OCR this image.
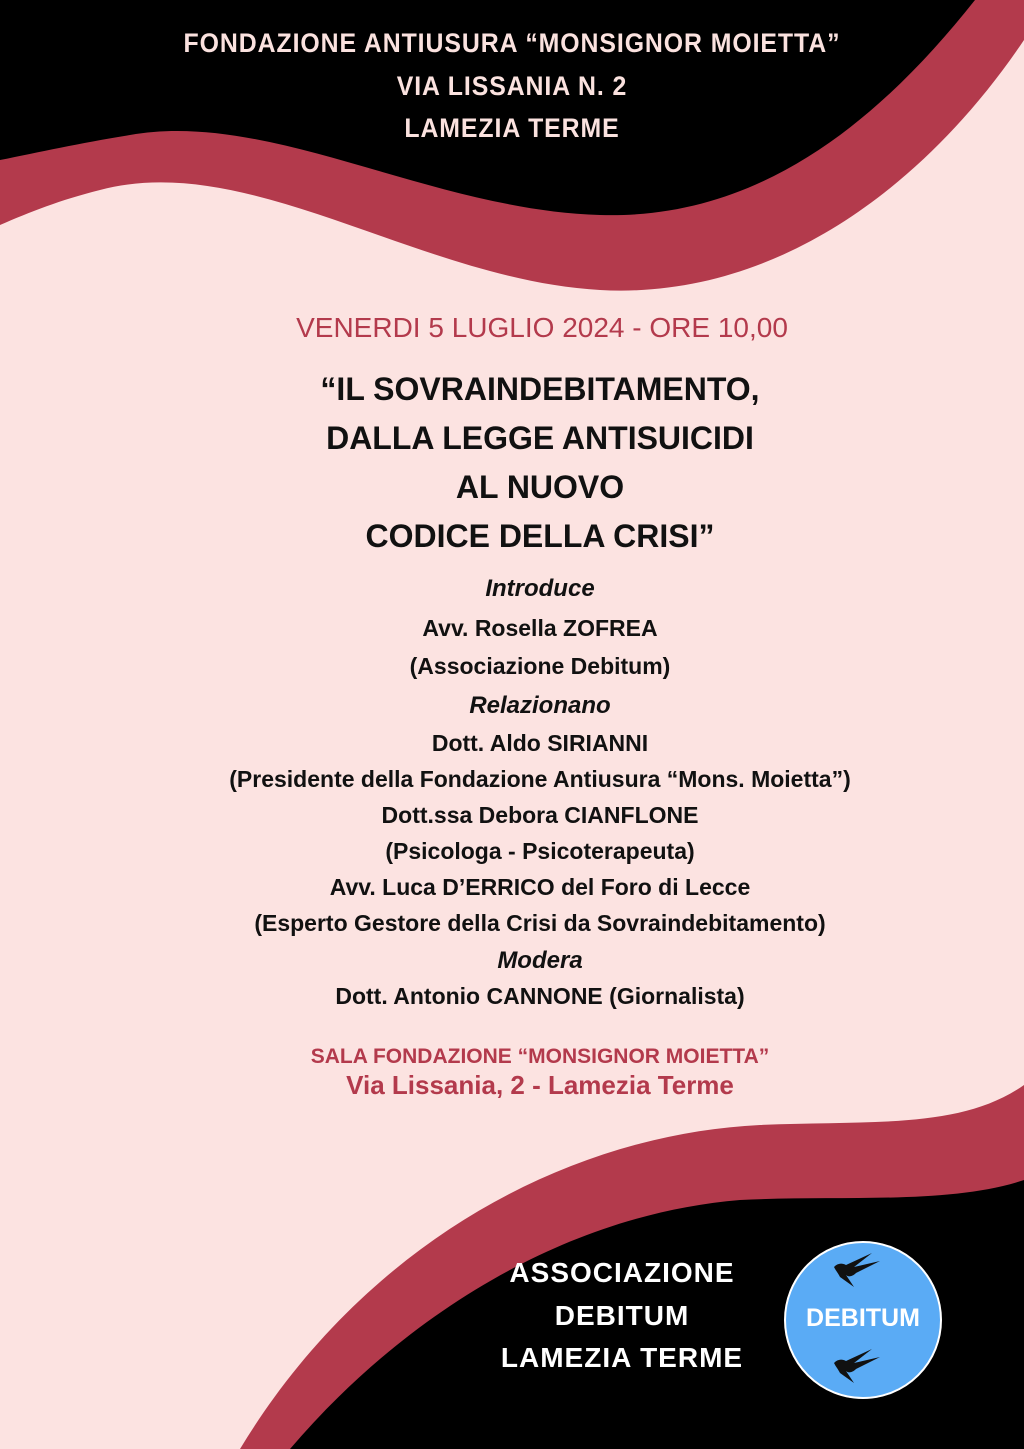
FONDAZIONE ANTIUSURA “MONSIGNOR MOIETTA”
VIA LISSANIA N. 2
LAMEZIA TERME
VENERDI 5 LUGLIO 2024 - ORE 10,00
“IL SOVRAINDEBITAMENTO,
DALLA LEGGE ANTISUICIDI
AL NUOVO
CODICE DELLA CRISI”
Introduce
Avv. Rosella ZOFREA
(Associazione Debitum)
Relazionano
Dott. Aldo SIRIANNI
(Presidente della Fondazione Antiusura “Mons. Moietta”)
Dott.ssa Debora CIANFLONE
(Psicologa - Psicoterapeuta)
Avv. Luca D’ERRICO del Foro di Lecce
(Esperto Gestore della Crisi da Sovraindebitamento)
Modera
Dott. Antonio CANNONE (Giornalista)
SALA FONDAZIONE “MONSIGNOR MOIETTA”
Via Lissania, 2 - Lamezia Terme
ASSOCIAZIONE
DEBITUM
LAMEZIA TERME
DEBITUM
